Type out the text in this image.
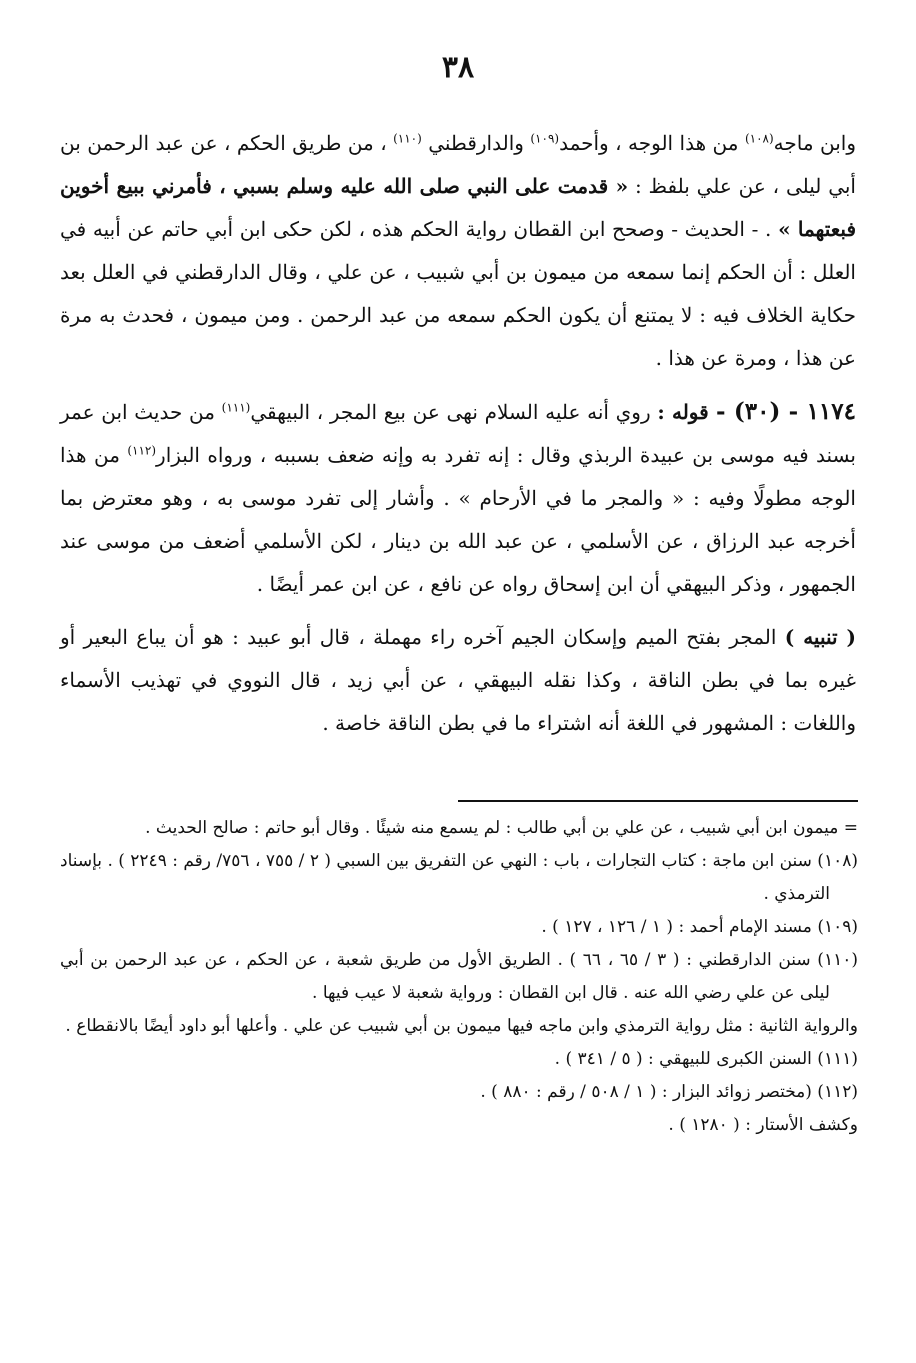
٣٨

وابن ماجه$^{(١٠٨)}$ من هذا الوجه ، وأحمد$^{(١٠٩)}$ والدارقطني $^{(١١٠)}$ ، من طريق الحكم ، عن عبد الرحمن بن أبي ليلى ، عن علي بلفظ : « قدمت على النبي صلى الله عليه وسلم بسبي ، فأمرني ببيع أخوين فبعتهما » . - الحديث - وصحح ابن القطان رواية الحكم هذه ، لكن حكى ابن أبي حاتم عن أبيه في العلل : أن الحكم إنما سمعه من ميمون بن أبي شبيب ، عن علي ، وقال الدارقطني في العلل بعد حكاية الخلاف فيه : لا يمتنع أن يكون الحكم سمعه من عبد الرحمن . ومن ميمون ، فحدث به مرة عن هذا ، ومرة عن هذا .

١١٧٤ - (٣٠) - قوله : روي أنه عليه السلام نهى عن بيع المجر ، البيهقي$^{(١١١)}$ من حديث ابن عمر بسند فيه موسى بن عبيدة الربذي وقال : إنه تفرد به وإنه ضعف بسببه ، ورواه البزار$^{(١١٢)}$ من هذا الوجه مطولًا وفيه : « والمجر ما في الأرحام » . وأشار إلى تفرد موسى به ، وهو معترض بما أخرجه عبد الرزاق ، عن الأسلمي ، عن عبد الله بن دينار ، لكن الأسلمي أضعف من موسى عند الجمهور ، وذكر البيهقي أن ابن إسحاق رواه عن نافع ، عن ابن عمر أيضًا .

( تنبيه ) المجر بفتح الميم وإسكان الجيم آخره راء مهملة ، قال أبو عبيد : هو أن يباع البعير أو غيره بما في بطن الناقة ، وكذا نقله البيهقي ، عن أبي زيد ، قال النووي في تهذيب الأسماء واللغات : المشهور في اللغة أنه اشتراء ما في بطن الناقة خاصة .

= ميمون ابن أبي شبيب ، عن علي بن أبي طالب : لم يسمع منه شيئًا . وقال أبو حاتم : صالح الحديث .

(١٠٨) سنن ابن ماجة : كتاب التجارات ، باب : النهي عن التفريق بين السبي ( ٢ / ٧٥٥ ، ٧٥٦/ رقم : ٢٢٤٩ ) . بإسناد الترمذي .

(١٠٩) مسند الإمام أحمد : ( ١ / ١٢٦ ، ١٢٧ ) .

(١١٠) سنن الدارقطني : ( ٣ / ٦٥ ، ٦٦ ) . الطريق الأول من طريق شعبة ، عن الحكم ، عن عبد الرحمن بن أبي ليلى عن علي رضي الله عنه . قال ابن القطان : ورواية شعبة لا عيب فيها .

والرواية الثانية : مثل رواية الترمذي وابن ماجه فيها ميمون بن أبي شبيب عن علي . وأعلها أبو داود أيضًا بالانقطاع .

(١١١) السنن الكبرى للبيهقي : ( ٥ / ٣٤١ ) .

(١١٢) (مختصر زوائد البزار : ( ١ / ٥٠٨ / رقم : ٨٨٠ ) .

وكشف الأستار : ( ١٢٨٠ ) .
